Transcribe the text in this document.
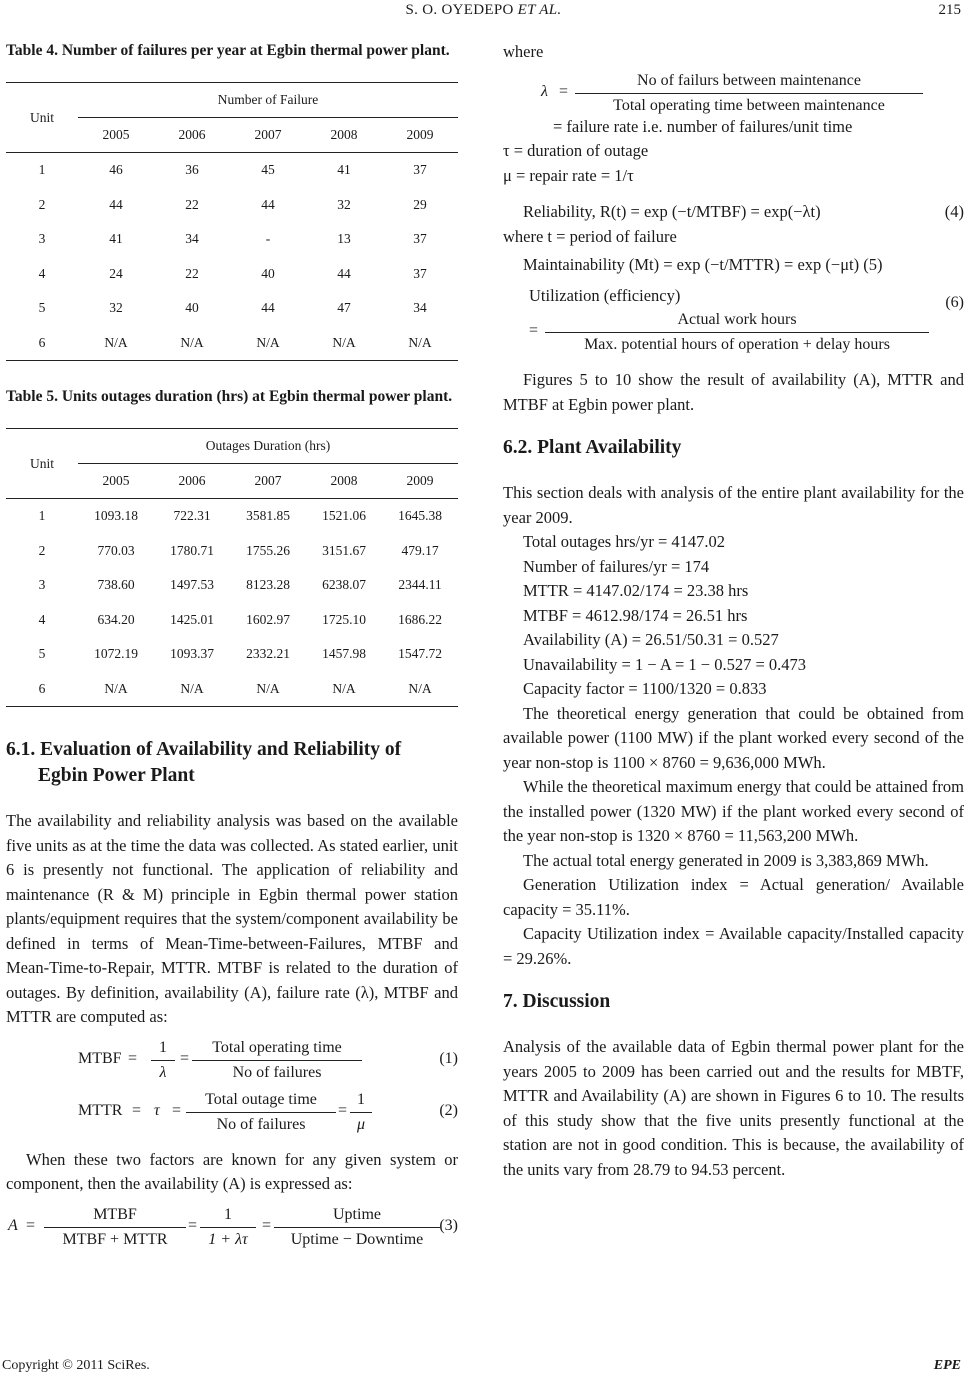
S. O. OYEDEPO ET AL.	215

Table 4. Number of failures per year at Egbin thermal power plant.

Unit	Number of Failure				
	2005	2006	2007	2008	2009
1	46	36	45	41	37
2	44	22	44	32	29
3	41	34	-	13	37
4	24	22	40	44	37
5	32	40	44	47	34
6	N/A	N/A	N/A	N/A	N/A

Table 5. Units outages duration (hrs) at Egbin thermal power plant.

Unit	Outages Duration (hrs)				
	2005	2006	2007	2008	2009
1	1093.18	722.31	3581.85	1521.06	1645.38
2	770.03	1780.71	1755.26	3151.67	479.17
3	738.60	1497.53	8123.28	6238.07	2344.11
4	634.20	1425.01	1602.97	1725.10	1686.22
5	1072.19	1093.37	2332.21	1457.98	1547.72
6	N/A	N/A	N/A	N/A	N/A

6.1. Evaluation of Availability and Reliability of

Egbin Power Plant

The availability and reliability analysis was based on the available five units as at the time the data was collected. As stated earlier, unit 6 is presently not functional. The application of reliability and maintenance (R & M) principle in Egbin thermal power station plants/equipment requires that the system/component availability be defined in terms of Mean-Time-between-Failures, MTBF and Mean-Time-to-Repair, MTTR. MTBF is related to the duration of outages. By definition, availability (A), failure rate (λ), MTBF and MTTR are computed as:

MTBF = $\frac{1}{\lambda}$ =
Total operating time
No of failures
(1)
MTTR = τ =
Total outage time
No of failures
= $\frac{1}{\mu}$	(2)

When these two factors are known for any given system or component, then the availability (A) is expressed as:

A =
MTBF
MTBF + MTTR
= $\frac{1}{1 + \lambda\tau}$ =
Uptime
Uptime − Downtime
(3)

where

λ =
No of failurs between maintenance
Total operating time between maintenance

= failure rate i.e. number of failures/unit time

τ = duration of outage

μ = repair rate = 1/τ

Reliability, R(t) = exp (−t/MTBF) = exp(−λt)	(4)

where t = period of failure

Maintainability (Mt) = exp (−t/MTTR) = exp (−μt) (5)

Utilization (efficiency)

=
Actual work hours
Max. potential hours of operation + delay hours
(6)

Figures 5 to 10 show the result of availability (A), MTTR and MTBF at Egbin power plant.

6.2. Plant Availability

This section deals with analysis of the entire plant availability for the year 2009.

Total outages hrs/yr = 4147.02

Number of failures/yr = 174

MTTR = 4147.02/174 = 23.38 hrs

MTBF = 4612.98/174 = 26.51 hrs

Availability (A) = 26.51/50.31 = 0.527

Unavailability = 1 − A = 1 − 0.527 = 0.473

Capacity factor = 1100/1320 = 0.833

The theoretical energy generation that could be obtained from available power (1100 MW) if the plant worked every second of the year non-stop is 1100 × 8760 = 9,636,000 MWh.

While the theoretical maximum energy that could be attained from the installed power (1320 MW) if the plant worked every second of the year non-stop is 1320 × 8760 = 11,563,200 MWh.

The actual total energy generated in 2009 is 3,383,869 MWh.

Generation Utilization index = Actual generation/ Available capacity = 35.11%.

Capacity Utilization index = Available capacity/Installed capacity = 29.26%.

7. Discussion

Analysis of the available data of Egbin thermal power plant for the years 2005 to 2009 has been carried out and the results for MBTF, MTTR and Availability (A) are shown in Figures 6 to 10. The results of this study show that the five units presently functional at the station are not in good condition. This is because, the availability of the units vary from 28.79 to 94.53 percent.

Copyright © 2011 SciRes.	EPE
